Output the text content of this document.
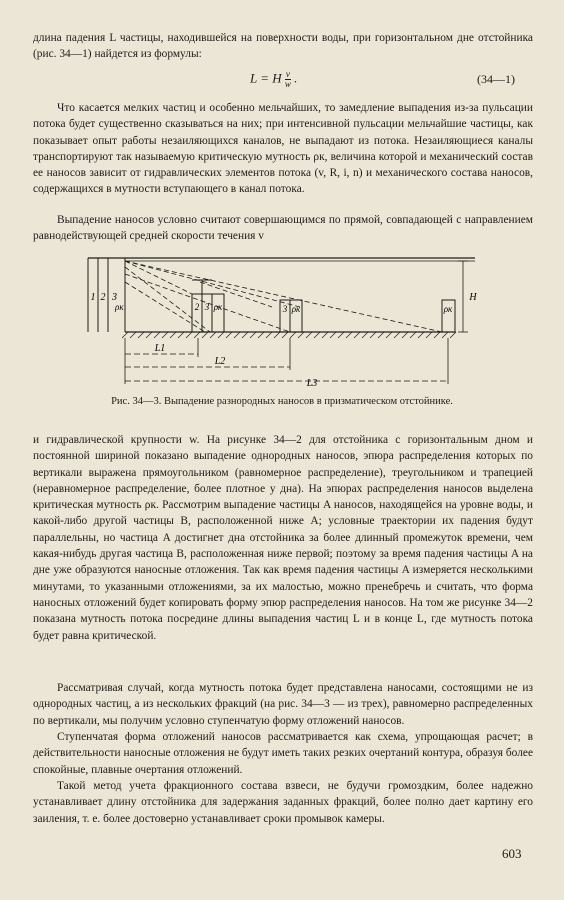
длина падения L частицы, находившейся на поверхности воды, при горизонтальном дне отстойника (рис. 34—1) найдется из формулы:

L = H $\frac{v}{w}$ .	(34—1)

Что касается мелких частиц и особенно мельчайших, то замедление выпадения из-за пульсации потока будет существенно сказываться на них; при интенсивной пульсации мельчайшие частицы, как показывает опыт работы незаиляющихся каналов, не выпадают из потока. Незаиляющиеся каналы транспортируют так называемую критическую мутность ρк, величина которой и механический состав ее наносов зависит от гидравлических элементов потока (v, R, i, n) и механического состава наносов, содержащихся в мутности вступающего в канал потока.

Выпадение наносов условно считают совершающимся по прямой, совпадающей с направлением равнодействующей средней скорости течения v

1 2 3
ρк	2 3 ρк	3 ρк	ρк
H
L1
L2
L3
Рис. 34—3. Выпадение разнородных наносов в призматическом отстойнике.

и гидравлической крупности w. На рисунке 34—2 для отстойника с горизонтальным дном и постоянной шириной показано выпадение однородных наносов, эпюра распределения которых по вертикали выражена прямоугольником (равномерное распределение), треугольником и трапецией (неравномерное распределение, более плотное у дна). На эпюрах распределения наносов выделена критическая мутность ρк. Рассмотрим выпадение частицы A наносов, находящейся на уровне воды, и какой-либо другой частицы B, расположенной ниже A; условные траектории их падения будут параллельны, но частица A достигнет дна отстойника за более длинный промежуток времени, чем какая-нибудь другая частица B, расположенная ниже первой; поэтому за время падения частицы A на дне уже образуются наносные отложения. Так как время падения частицы A измеряется несколькими минутами, то указанными отложениями, за их малостью, можно пренебречь и считать, что форма наносных отложений будет копировать форму эпюр распределения наносов. На том же рисунке 34—2 показана мутность потока посредине длины выпадения частиц L и в конце L, где мутность потока будет равна критической.

Рассматривая случай, когда мутность потока будет представлена наносами, состоящими не из однородных частиц, а из нескольких фракций (на рис. 34—3 — из трех), равномерно распределенных по вертикали, мы получим условно ступенчатую форму отложений наносов.

Ступенчатая форма отложений наносов рассматривается как схема, упрощающая расчет; в действительности наносные отложения не будут иметь таких резких очертаний контура, образуя более спокойные, плавные очертания отложений.

Такой метод учета фракционного состава взвеси, не будучи громоздким, более надежно устанавливает длину отстойника для задержания заданных фракций, более полно дает картину его заиления, т. е. более достоверно устанавливает сроки промывок камеры.

603
